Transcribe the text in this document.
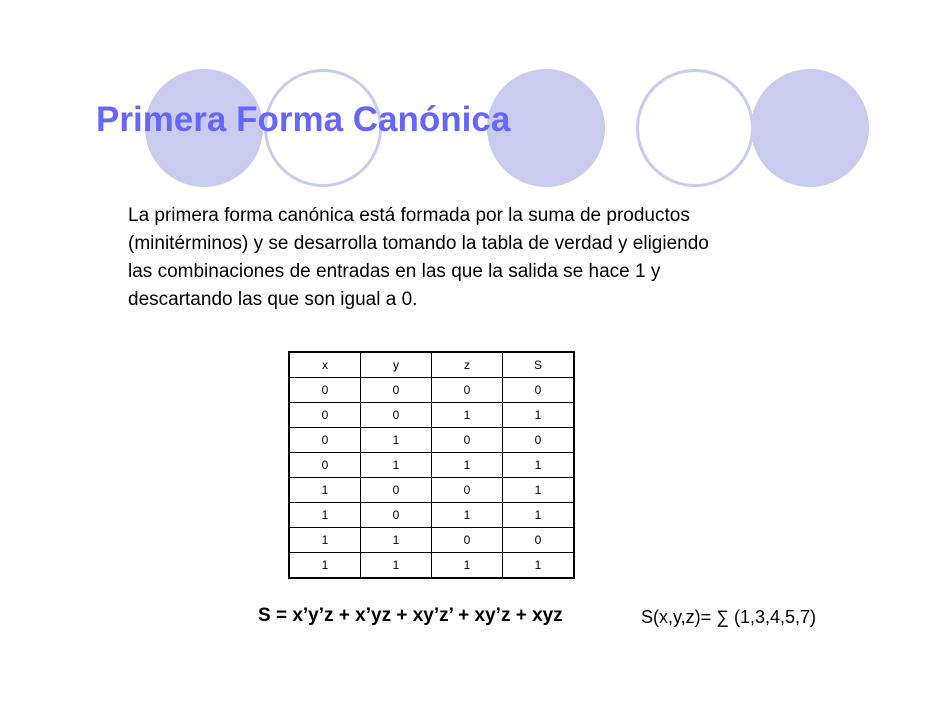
Primera Forma Canónica
La primera forma canónica está formada por la suma de productos
(minitérminos) y se desarrolla tomando la tabla de verdad y eligiendo
las combinaciones de entradas en las que la salida se hace 1 y
descartando las que son igual a 0.
x	y	z	S
0	0	0	0
0	0	1	1
0	1	0	0
0	1	1	1
1	0	0	1
1	0	1	1
1	1	0	0
1	1	1	1
S = x’y’z + x’yz + xy’z’ + xy’z + xyz	S(x,y,z)= ∑ (1,3,4,5,7)
